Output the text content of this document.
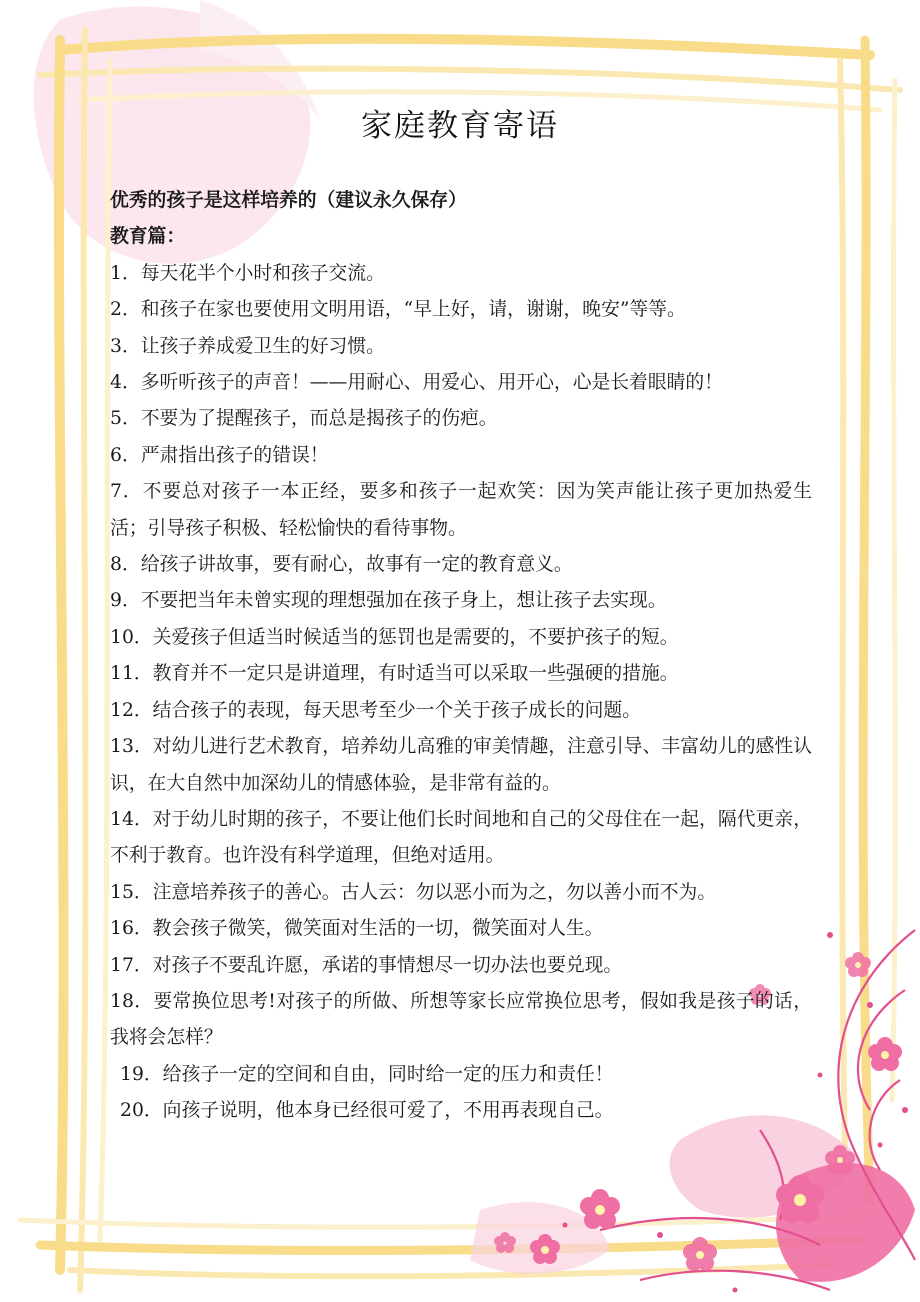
家庭教育寄语

优秀的孩子是这样培养的（建议永久保存）

教育篇：

1．每天花半个小时和孩子交流。

2．和孩子在家也要使用文明用语，“早上好，请，谢谢，晚安”等等。

3．让孩子养成爱卫生的好习惯。

4．多听听孩子的声音！——用耐心、用爱心、用开心，心是长着眼睛的！

5．不要为了提醒孩子，而总是揭孩子的伤疤。

6．严肃指出孩子的错误！

7．不要总对孩子一本正经，要多和孩子一起欢笑：因为笑声能让孩子更加热爱生活；引导孩子积极、轻松愉快的看待事物。

8．给孩子讲故事，要有耐心，故事有一定的教育意义。

9．不要把当年未曾实现的理想强加在孩子身上，想让孩子去实现。

10．关爱孩子但适当时候适当的惩罚也是需要的，不要护孩子的短。

11．教育并不一定只是讲道理，有时适当可以采取一些强硬的措施。

12．结合孩子的表现，每天思考至少一个关于孩子成长的问题。

13．对幼儿进行艺术教育，培养幼儿高雅的审美情趣，注意引导、丰富幼儿的感性认识，在大自然中加深幼儿的情感体验，是非常有益的。

14．对于幼儿时期的孩子，不要让他们长时间地和自己的父母住在一起，隔代更亲，不利于教育。也许没有科学道理，但绝对适用。

15．注意培养孩子的善心。古人云：勿以恶小而为之，勿以善小而不为。

16．教会孩子微笑，微笑面对生活的一切，微笑面对人生。

17．对孩子不要乱许愿，承诺的事情想尽一切办法也要兑现。

18．要常换位思考!对孩子的所做、所想等家长应常换位思考，假如我是孩子的话，我将会怎样？

19．给孩子一定的空间和自由，同时给一定的压力和责任！

20．向孩子说明，他本身已经很可爱了，不用再表现自己。
